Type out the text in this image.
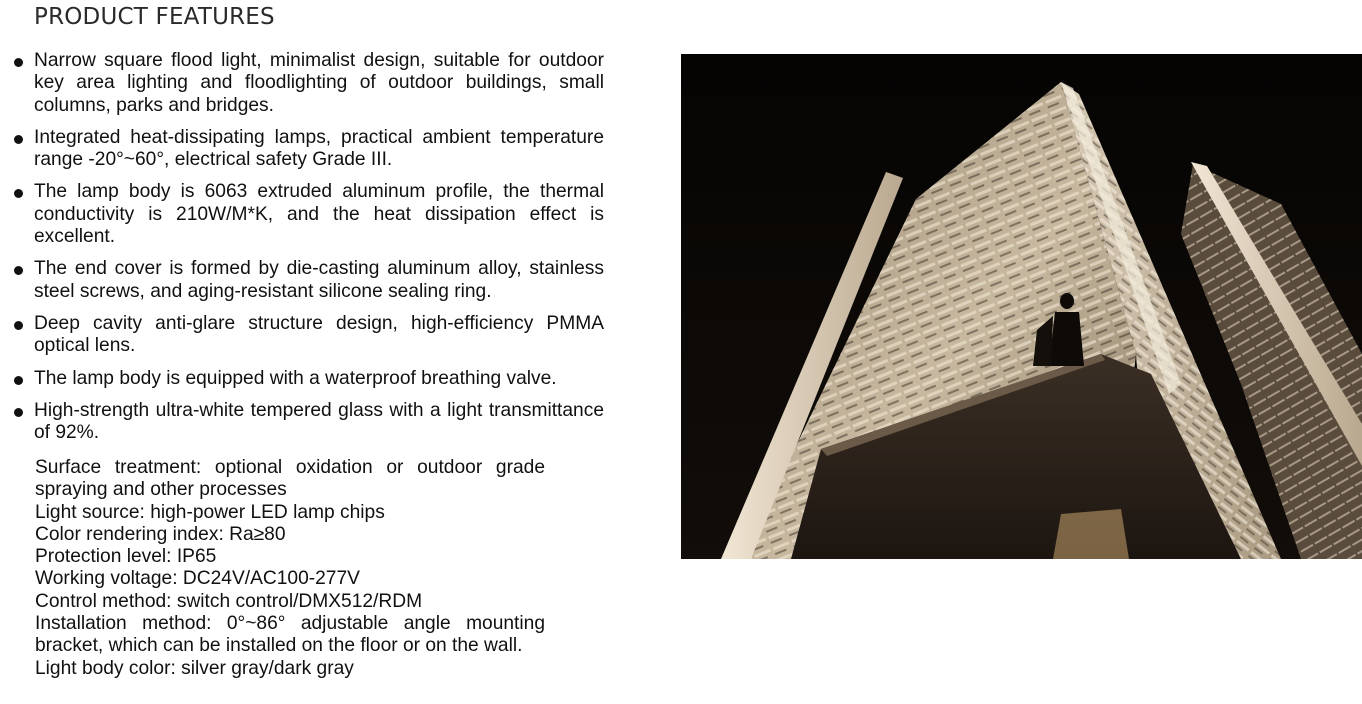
PRODUCT FEATURES
Narrow square flood light, minimalist design, suitable for outdoor key area lighting and floodlighting of outdoor buildings, small columns, parks and bridges.
Integrated heat-dissipating lamps, practical ambient temperature range -20°~60°, electrical safety Grade III.
The lamp body is 6063 extruded aluminum profile, the thermal conductivity is 210W/M*K, and the heat dissipation effect is excellent.
The end cover is formed by die-casting aluminum alloy, stainless steel screws, and aging-resistant silicone sealing ring.
Deep cavity anti-glare structure design, high-efficiency PMMA optical lens.
The lamp body is equipped with a waterproof breathing valve.
High-strength ultra-white tempered glass with a light transmittance of 92%.
Surface treatment: optional oxidation or outdoor grade spraying and other processes
Light source: high-power LED lamp chips
Color rendering index: Ra≥80
Protection level: IP65
Working voltage: DC24V/AC100-277V
Control method: switch control/DMX512/RDM
Installation method: 0°~86° adjustable angle mounting bracket, which can be installed on the floor or on the wall.
Light body color: silver gray/dark gray
